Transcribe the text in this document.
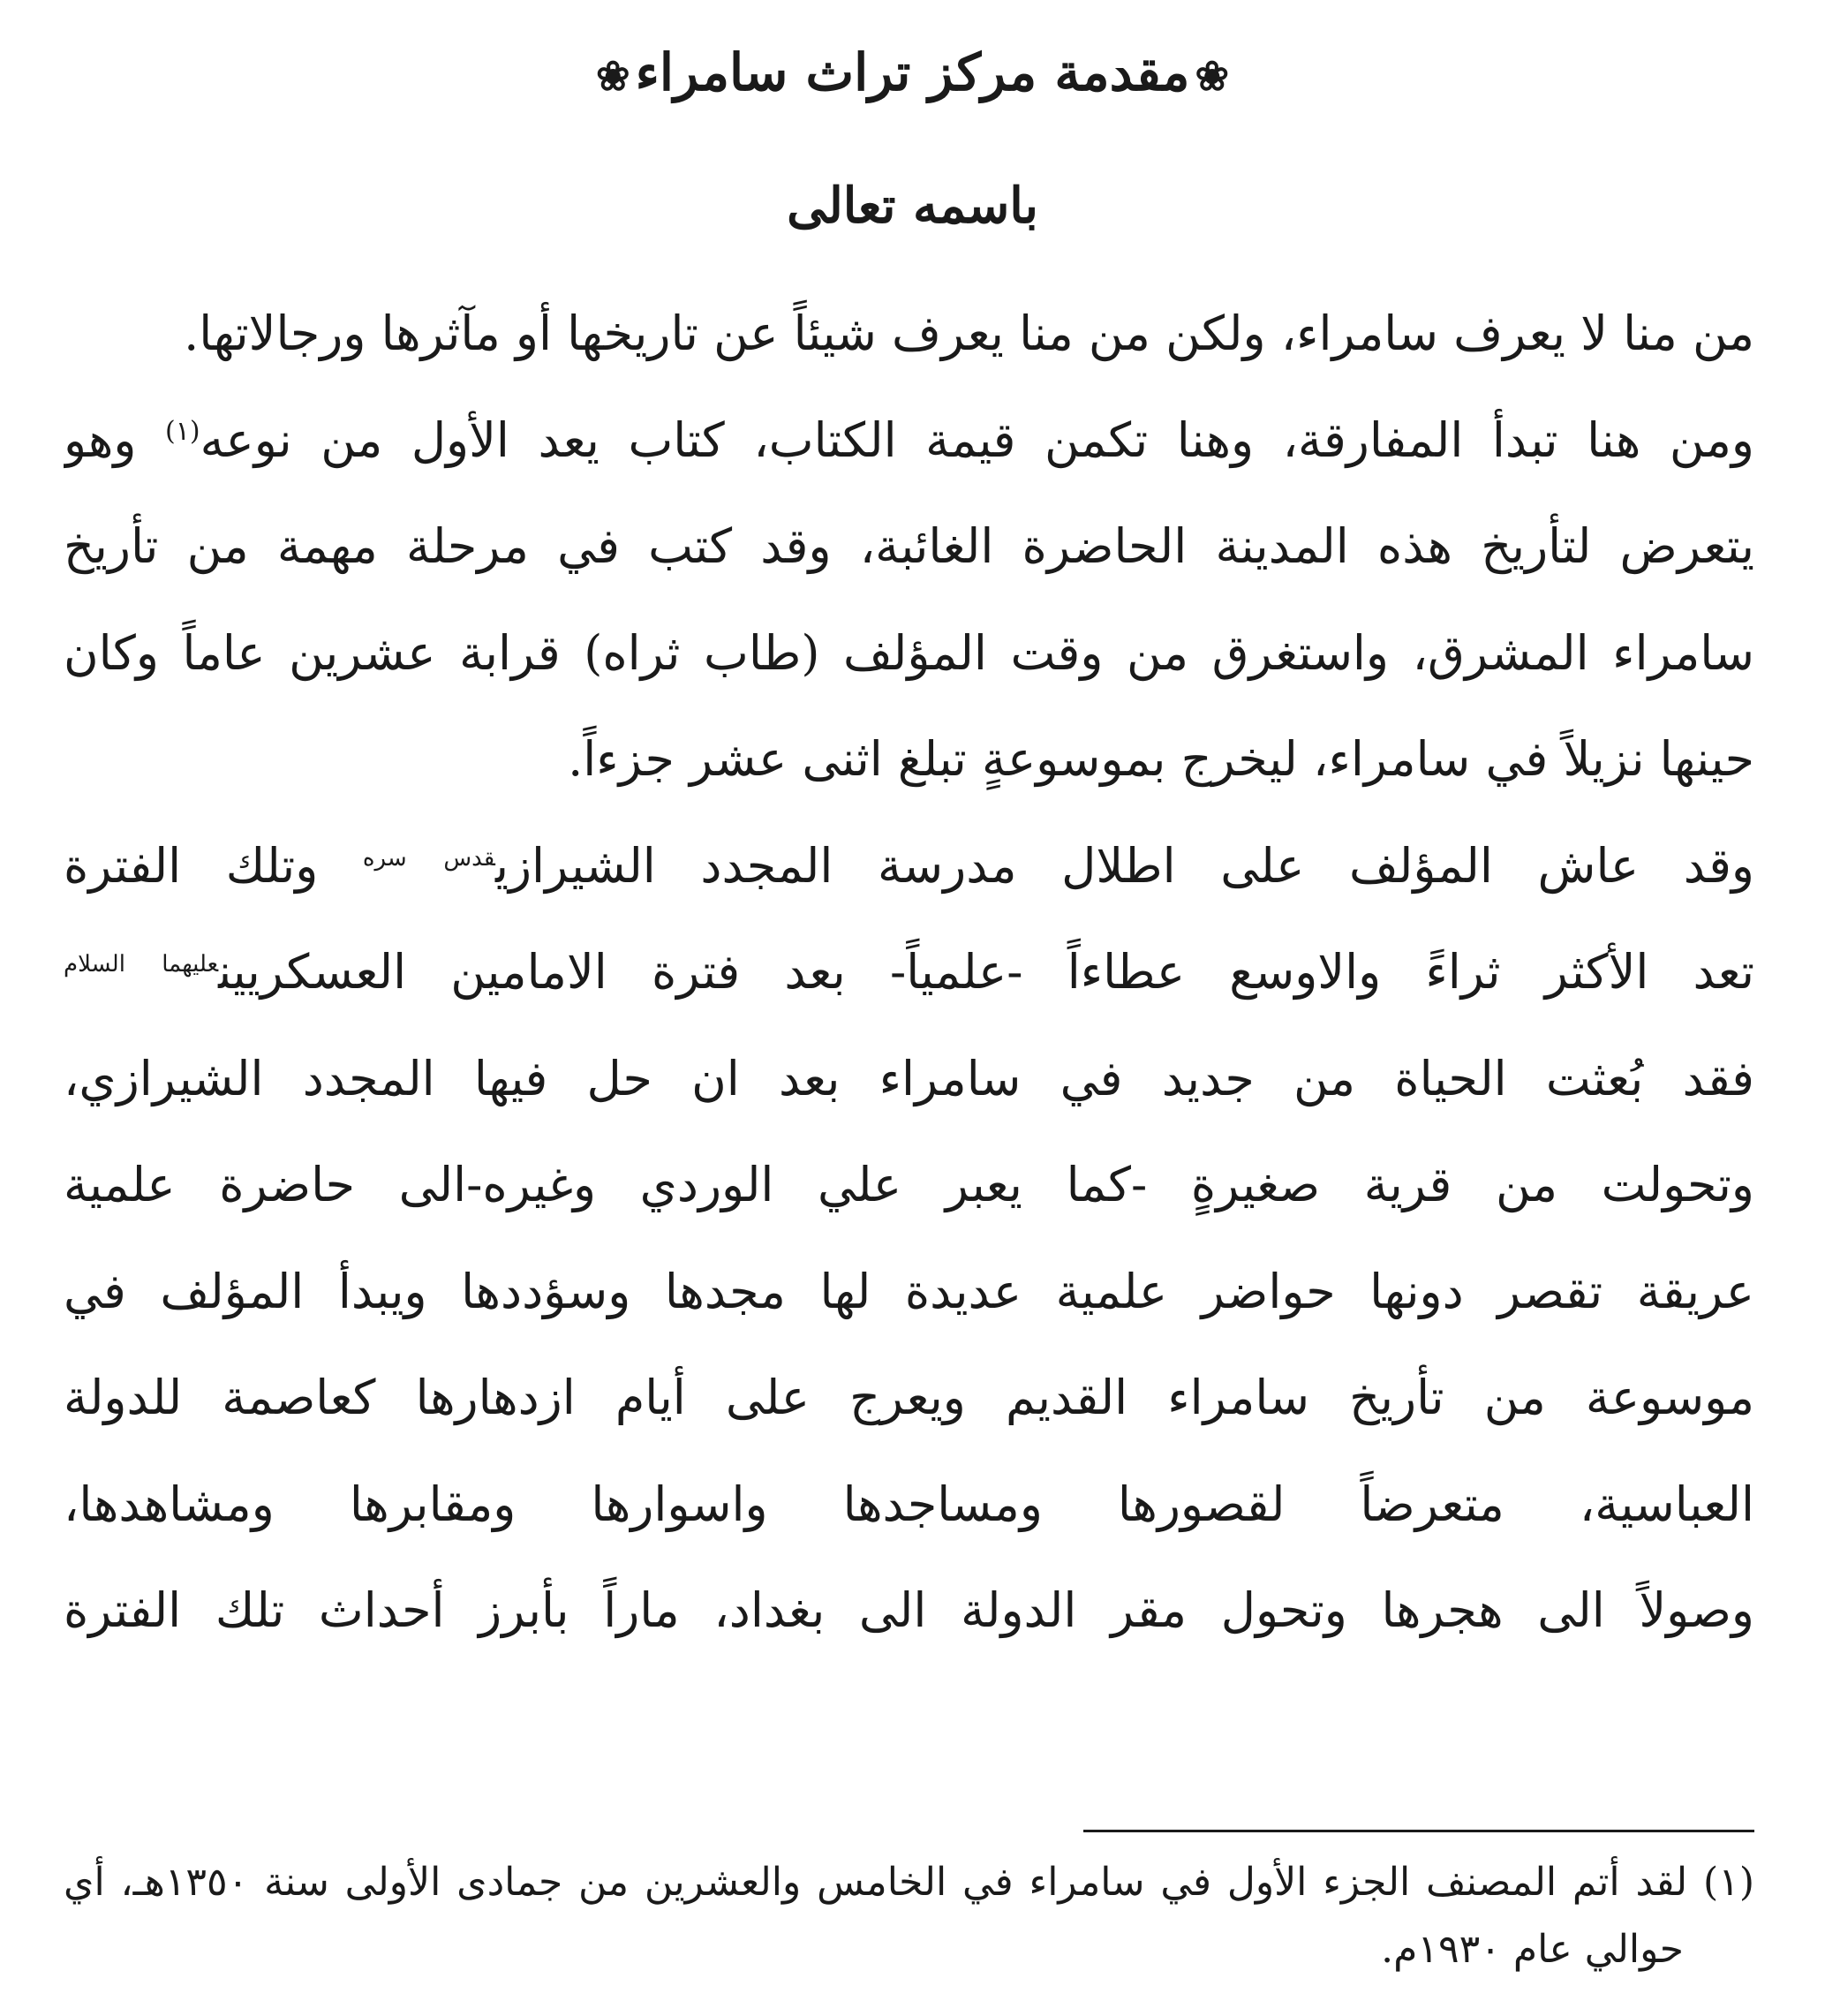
❀مقدمة مركز تراث سامراء❀
باسمه تعالى
من منا لا يعرف سامراء، ولكن من منا يعرف شيئاً عن تاريخها أو مآثرها ورجالاتها.
ومن هنا تبدأ المفارقة، وهنا تكمن قيمة الكتاب، كتاب يعد الأول من نوعه$^{(١)}$ وهو
يتعرض لتأريخ هذه المدينة الحاضرة الغائبة، وقد كتب في مرحلة مهمة من تأريخ
سامراء المشرق، واستغرق من وقت المؤلف (طاب ثراه) قرابة عشرين عاماً وكان
حينها نزيلاً في سامراء، ليخرج بموسوعةٍ تبلغ اثنى عشر جزءاً.
وقد عاش المؤلف على اطلال مدرسة المجدد الشيرازي$^{قدس سره}$ وتلك الفترة
تعد الأكثر ثراءً والاوسع عطاءاً -علمياً- بعد فترة الامامين العسكريين$^{عليهما السلام}$
فقد بُعثت الحياة من جديد في سامراء بعد ان حل فيها المجدد الشيرازي،
وتحولت من قرية صغيرةٍ -كما يعبر علي الوردي وغيره-الى حاضرة علمية
عريقة تقصر دونها حواضر علمية عديدة لها مجدها وسؤددها ويبدأ المؤلف في
موسوعة من تأريخ سامراء القديم ويعرج على أيام ازدهارها كعاصمة للدولة
العباسية، متعرضاً لقصورها ومساجدها واسوارها ومقابرها ومشاهدها،
وصولاً الى هجرها وتحول مقر الدولة الى بغداد، ماراً بأبرز أحداث تلك الفترة
(١) لقد أتم المصنف الجزء الأول في سامراء في الخامس والعشرين من جمادى الأولى سنة ١٣٥٠هـ، أي
حوالي عام ١٩٣٠م.
